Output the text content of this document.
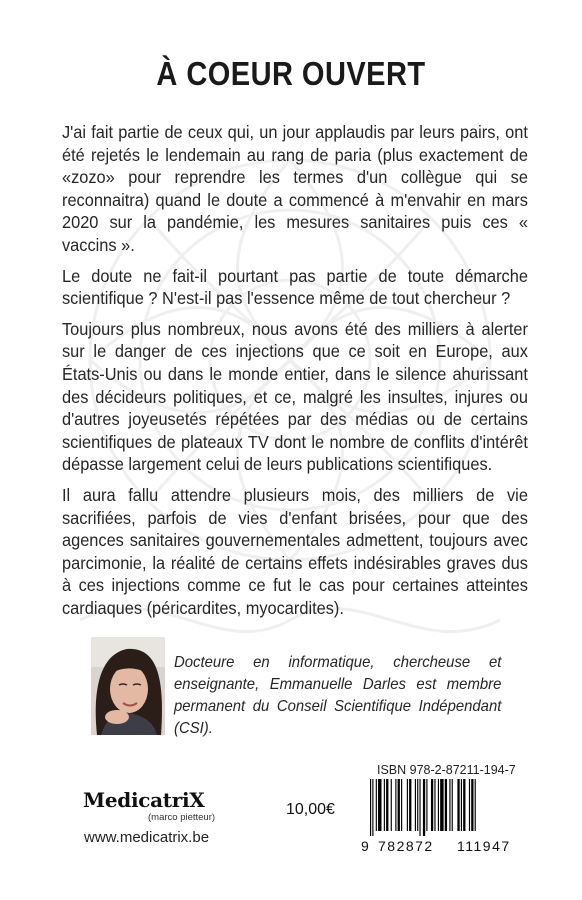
À COEUR OUVERT

J'ai fait partie de ceux qui, un jour applaudis par leurs pairs, ont été rejetés le lendemain au rang de paria (plus exactement de «zozo» pour reprendre les termes d'un collègue qui se reconnaitra) quand le doute a commencé à m'envahir en mars 2020 sur la pandémie, les mesures sanitaires puis ces « vaccins ».

Le doute ne fait-il pourtant pas partie de toute démarche scientifique ? N'est-il pas l'essence même de tout chercheur ?

Toujours plus nombreux, nous avons été des milliers à alerter sur le danger de ces injections que ce soit en Europe, aux États-Unis ou dans le monde entier, dans le silence ahurissant des décideurs politiques, et ce, malgré les insultes, injures ou d'autres joyeusetés répétées par des médias ou de certains scientifiques de plateaux TV dont le nombre de conflits d'intérêt dépasse largement celui de leurs publications scientifiques.

Il aura fallu attendre plusieurs mois, des milliers de vie sacrifiées, parfois de vies d'enfant brisées, pour que des agences sanitaires gouvernementales admettent, toujours avec parcimonie, la réalité de certains effets indésirables graves dus à ces injections comme ce fut le cas pour certaines atteintes cardiaques (péricardites, myocardites).

Docteure en informatique, chercheuse et enseignante, Emmanuelle Darles est membre permanent du Conseil Scientifique Indépendant (CSI).
ISBN 978-2-87211-194-7
MedicatriX
(marco pietteur)	10,00€
www.medicatrix.be	9 782872 111947
